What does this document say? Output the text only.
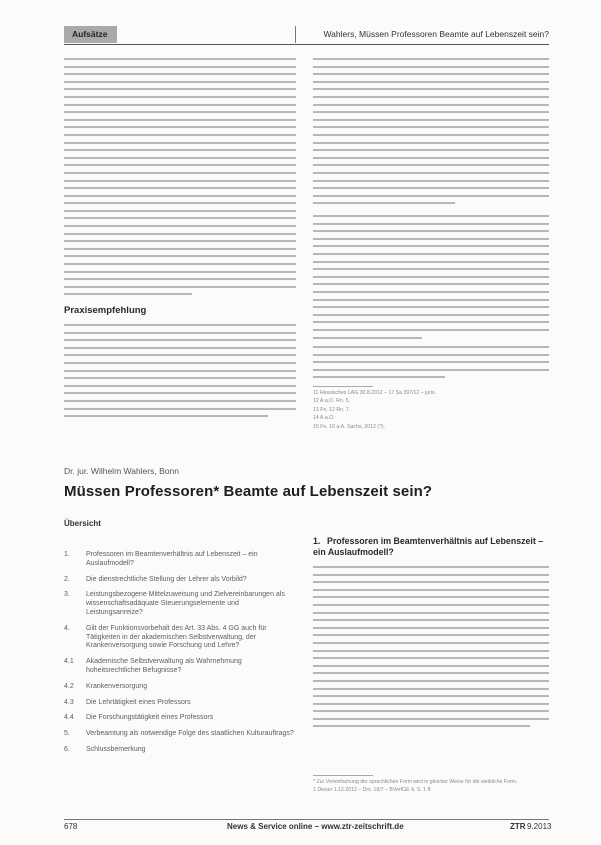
Aufsätze	Wahlers, Müssen Professoren Beamte auf Lebenszeit sein?
Praxisempfehlung
11 Hessisches LAG 30.8.2012 – 17 Sa 397/12 – juris.
12 A.a.O. Rn. 5.
13 Fn. 12 Rn. 7.
14 A.a.O.
15 Fn. 10 a.A. Sachs, 2012 (?).
Dr. jur. Wilhelm Wahlers, Bonn
Müssen Professoren* Beamte auf Lebenszeit sein?
Übersicht
1.	Professoren im Beamtenverhältnis auf Lebenszeit – ein Auslaufmodell?
2.	Die dienstrechtliche Stellung der Lehrer als Vorbild?
3.	Leistungsbezogene Mittelzuweisung und Zielvereinbarungen als wissenschaftsadäquate Steuerungselemente und Leistungsanreize?
4.	Gilt der Funktionsvorbehalt des Art. 33 Abs. 4 GG auch für Tätigkeiten in der akademischen Selbstverwaltung, der Krankenversorgung sowie Forschung und Lehre?
4.1	Akademische Selbstverwaltung als Wahrnehmung hoheitsrechtlicher Befugnisse?
4.2	Krankenversorgung
4.3	Die Lehrtätigkeit eines Professors
4.4	Die Forschungstätigkeit eines Professors
5.	Verbeamtung als notwendige Folge des staatlichen Kulturauftrags?
6.	Schlussbemerkung
1. Professoren im Beamtenverhältnis auf Lebenszeit – ein Auslaufmodell?
* Zur Vereinfachung der sprachlichen Form wird in gleicher Weise für die weibliche Form.
1 Dieser 1.12.2012 – Drs. 18/7 – BVerfGE 4, S. 1 ff.
678	News & Service online – www.ztr-zeitschrift.de	ZTR 9.2013
